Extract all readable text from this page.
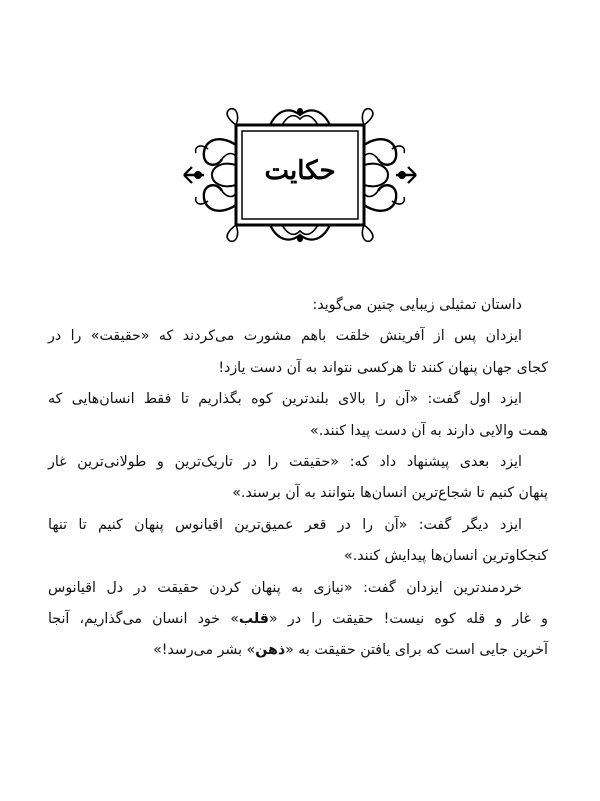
حکایت
داستان تمثیلی زیبایی چنین می‌گوید:
ایزدان پس از آفرینش خلقت باهم مشورت می‌کردند که «حقیقت» را در
کجای جهان پنهان کنند تا هرکسی نتواند به آن دست یازد!
ایزد اول گفت: «آن را بالای بلندترین کوه بگذاریم تا فقط انسان‌هایی که
همت والایی دارند به آن دست پیدا کنند.»
ایزد بعدی پیشنهاد داد که: «حقیقت را در تاریک‌ترین و طولانی‌ترین غار
پنهان کنیم تا شجاع‌ترین انسان‌ها بتوانند به آن برسند.»
ایزد دیگر گفت: «آن را در قعر عمیق‌ترین اقیانوس پنهان کنیم تا تنها
کنجکاوترین انسان‌ها پیدایش کنند.»
خردمندترین ایزدان گفت: «نیازی به پنهان کردن حقیقت در دل اقیانوس
و غار و قله کوه نیست! حقیقت را در «قلب» خود انسان می‌گذاریم، آنجا
آخرین جایی است که برای یافتن حقیقت به «ذهن» بشر می‌رسد!»
